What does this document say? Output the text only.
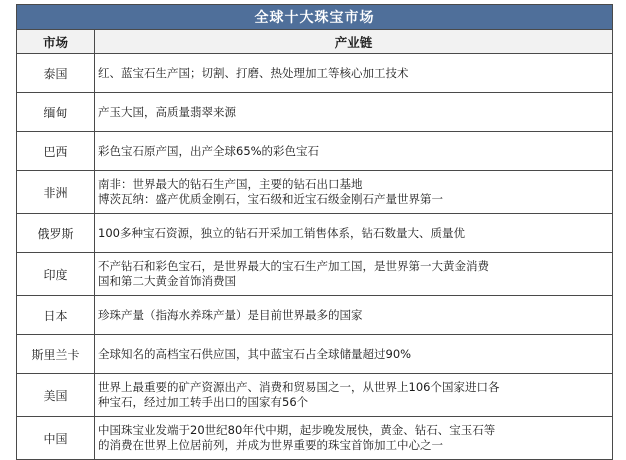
全球十大珠宝市场	
市场	产业链
泰国	红、蓝宝石生产国；切割、打磨、热处理加工等核心加工技术

缅甸	产玉大国，高质量翡翠来源

巴西	彩色宝石原产国，出产全球65%的彩色宝石

非洲	南非：世界最大的钻石生产国，主要的钻石出口基地
博茨瓦纳：盛产优质金刚石，宝石级和近宝石级金刚石产量世界第一

俄罗斯	100多种宝石资源，独立的钻石开采加工销售体系，钻石数量大、质量优

印度	不产钻石和彩色宝石，是世界最大的宝石生产加工国，是世界第一大黄金消费
国和第二大黄金首饰消费国

日本	珍珠产量（指海水养珠产量）是目前世界最多的国家

斯里兰卡	全球知名的高档宝石供应国，其中蓝宝石占全球储量超过90%

美国	世界上最重要的矿产资源出产、消费和贸易国之一，从世界上106个国家进口各
种宝石，经过加工转手出口的国家有56个

中国	中国珠宝业发端于20世纪80年代中期，起步晚发展快，黄金、钻石、宝玉石等
的消费在世界上位居前列，并成为世界重要的珠宝首饰加工中心之一
